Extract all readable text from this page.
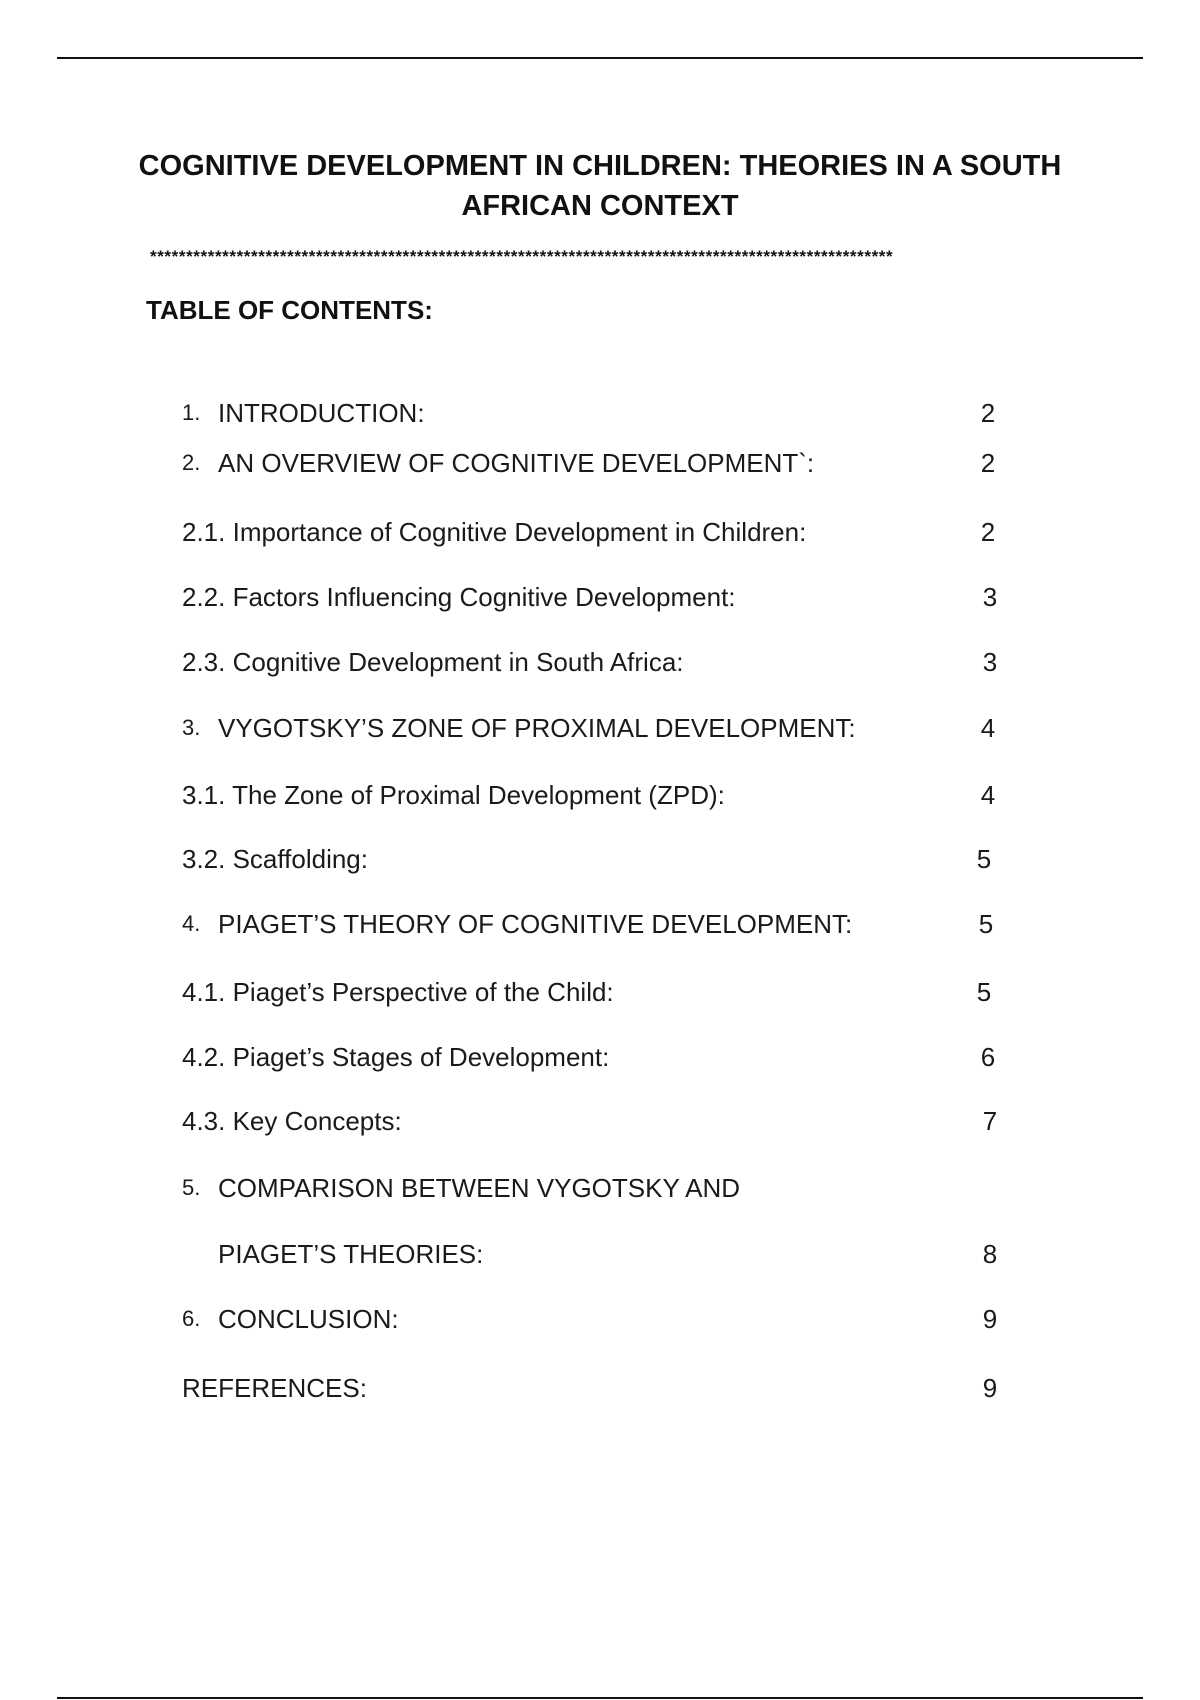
COGNITIVE DEVELOPMENT IN CHILDREN: THEORIES IN A SOUTH AFRICAN CONTEXT
*******************************************************************************************************
TABLE OF CONTENTS:
1. INTRODUCTION:	2
2. AN OVERVIEW OF COGNITIVE DEVELOPMENT`:	2
2.1. Importance of Cognitive Development in Children:	2
2.2. Factors Influencing Cognitive Development:	3
2.3. Cognitive Development in South Africa:	3
3. VYGOTSKY’S ZONE OF PROXIMAL DEVELOPMENT:	4
3.1. The Zone of Proximal Development (ZPD):	4
3.2. Scaffolding:	5
4. PIAGET’S THEORY OF COGNITIVE DEVELOPMENT:	5
4.1. Piaget’s Perspective of the Child:	5
4.2. Piaget’s Stages of Development:	6
4.3. Key Concepts:	7
5. COMPARISON BETWEEN VYGOTSKY AND
PIAGET’S THEORIES:	8
6. CONCLUSION:	9
REFERENCES:	9
